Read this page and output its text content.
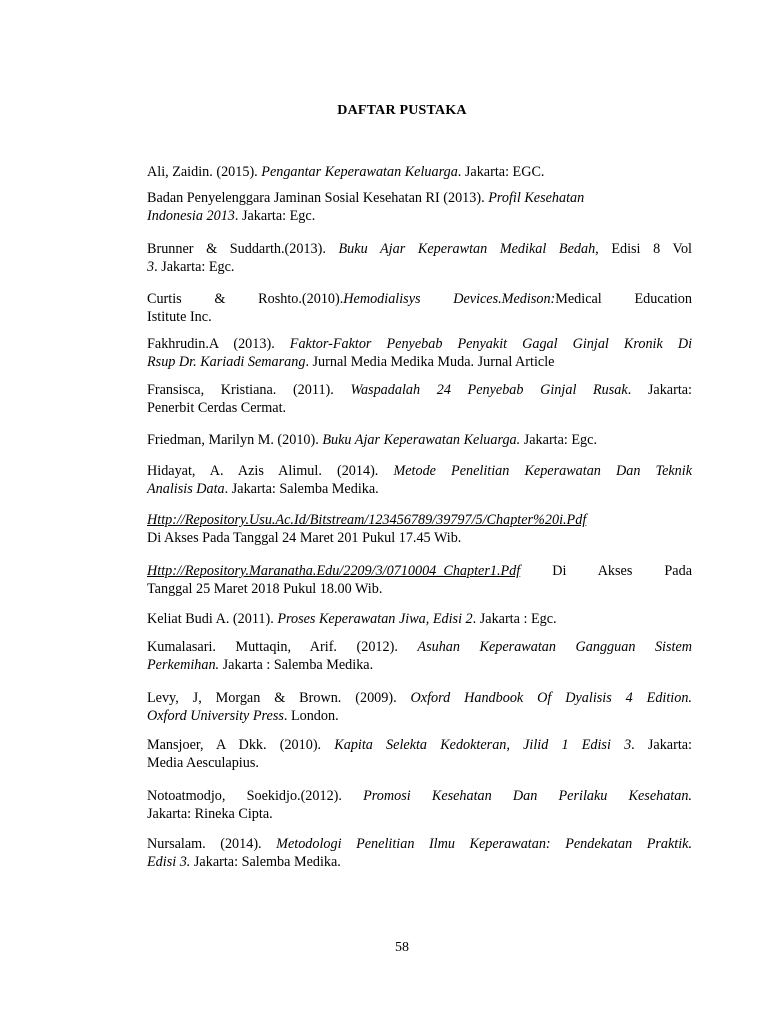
DAFTAR PUSTAKA
Ali, Zaidin. (2015). Pengantar Keperawatan Keluarga. Jakarta: EGC.
Badan Penyelenggara Jaminan Sosial Kesehatan RI (2013). Profil Kesehatan
Indonesia 2013. Jakarta: Egc.
Brunner & Suddarth.(2013). Buku Ajar Keperawtan Medikal Bedah, Edisi 8 Vol
3. Jakarta: Egc.
Curtis & Roshto.(2010).Hemodialisys Devices.Medison:Medical Education
Istitute Inc.
Fakhrudin.A (2013). Faktor-Faktor Penyebab Penyakit Gagal Ginjal Kronik Di
Rsup Dr. Kariadi Semarang. Jurnal Media Medika Muda. Jurnal Article
Fransisca, Kristiana. (2011). Waspadalah 24 Penyebab Ginjal Rusak. Jakarta:
Penerbit Cerdas Cermat.
Friedman, Marilyn M. (2010). Buku Ajar Keperawatan Keluarga. Jakarta: Egc.
Hidayat, A. Azis Alimul. (2014). Metode Penelitian Keperawatan Dan Teknik
Analisis Data. Jakarta: Salemba Medika.
Http://Repository.Usu.Ac.Id/Bitstream/123456789/39797/5/Chapter%20i.Pdf
Di Akses Pada Tanggal 24 Maret 201 Pukul 17.45 Wib.
Http://Repository.Maranatha.Edu/2209/3/0710004_Chapter1.Pdf Di Akses Pada
Tanggal 25 Maret 2018 Pukul 18.00 Wib.
Keliat Budi A. (2011). Proses Keperawatan Jiwa, Edisi 2. Jakarta : Egc.
Kumalasari. Muttaqin, Arif. (2012). Asuhan Keperawatan Gangguan Sistem
Perkemihan. Jakarta : Salemba Medika.
Levy, J, Morgan & Brown. (2009). Oxford Handbook Of Dyalisis 4 Edition.
Oxford University Press. London.
Mansjoer, A Dkk. (2010). Kapita Selekta Kedokteran, Jilid 1 Edisi 3. Jakarta:
Media Aesculapius.
Notoatmodjo, Soekidjo.(2012). Promosi Kesehatan Dan Perilaku Kesehatan.
Jakarta: Rineka Cipta.
Nursalam. (2014). Metodologi Penelitian Ilmu Keperawatan: Pendekatan Praktik.
Edisi 3. Jakarta: Salemba Medika.
58
